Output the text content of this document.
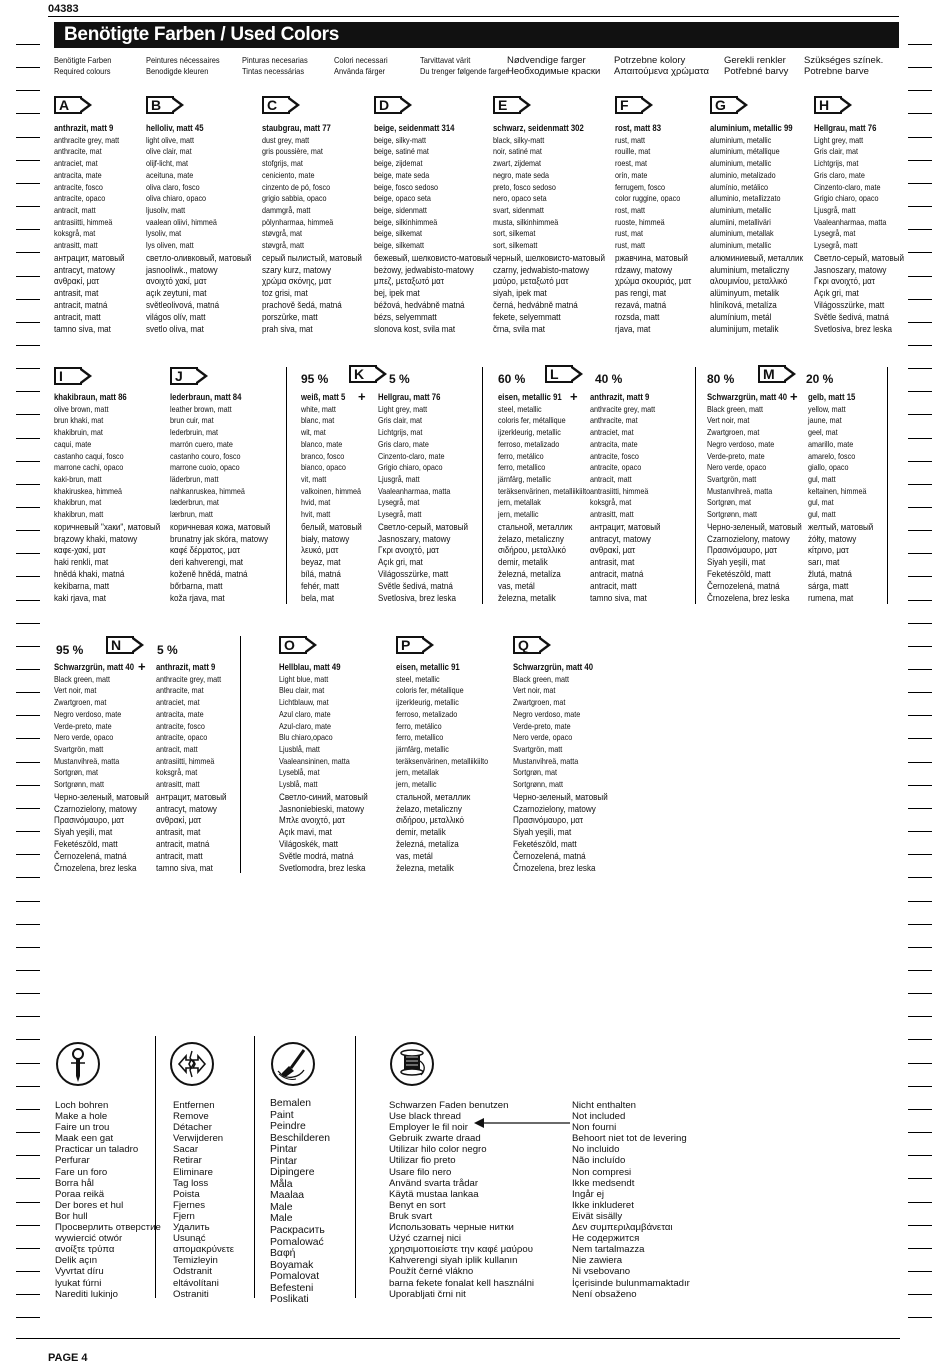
04383
Benötigte Farben / Used Colors
PAGE 4
Benötigte Farben
Required colours
Peintures nécessaires
Benodigde kleuren
Pinturas necesarias
Tintas necessárias
Colori necessari
Använda färger
Tarvittavat värit
Du trenger følgende farger
Nødvendige farger
Необходимые краски
Potrzebne kolory
Απαιτούμενα χρώματα
Gerekli renkler
Potřebné barvy
Szükséges színek.
Potrebne barve
A
anthrazit, matt 9
anthracite grey, matt
anthracite, mat
antraciet, mat
antracita, mate
antracite, fosco
antracite, opaco
antracit, matt
antrasiitti, himmeä
koksgrå, mat
antrasitt, matt
антрацит, матовый
antracyt, matowy
ανθρακί, ματ
antrasit, mat
antracit, matná
antracit, matt
tamno siva, mat
B
helloliv, matt 45
light olive, matt
olive clair, mat
olijf-licht, mat
aceituna, mate
oliva claro, fosco
oliva chiaro, opaco
ljusoliv, matt
vaalean oliivi, himmeä
lysoliv, mat
lys oliven, matt
светло-оливковый, матовый
jasnooliwk., matowy
ανοιχτό χακί, ματ
açık zeytuni, mat
světleolivová, matná
világos olív, matt
svetlo oliva, mat
C
staubgrau, matt 77
dust grey, matt
gris poussière, mat
stofgrijs, mat
ceniciento, mate
cinzento de pó, fosco
grigio sabbia, opaco
dammgrå, matt
pölynharmaa, himmeä
støvgrå, mat
støvgrå, matt
серый пылистый, матовый
szary kurz, matowy
χρώμα σκόνης, ματ
toz grisi, mat
prachově šedá, matná
porszürke, matt
prah siva, mat
D
beige, seidenmatt 314
beige, silky-matt
beige, satiné mat
beige, zijdemat
beige, mate seda
beige, fosco sedoso
beige, opaco seta
beige, sidenmatt
beige, silkinhimmeä
beige, silkemat
beige, silkematt
бежевый, шелковисто-матовый
beżowy, jedwabisto-matowy
μπεζ, μεταξωτό ματ
bej, ipek mat
béžová, hedvábně matná
bézs, selyemmatt
slonova kost, svila mat
E
schwarz, seidenmatt 302
black, silky-matt
noir, satiné mat
zwart, zijdemat
negro, mate seda
preto, fosco sedoso
nero, opaco seta
svart, sidenmatt
musta, silkinhimmeä
sort, silkemat
sort, silkematt
черный, шелковисто-матовый
czarny, jedwabisto-matowy
μαύρο, μεταξωτό ματ
siyah, ipek mat
černá, hedvábně matná
fekete, selyemmatt
črna, svila mat
F
rost, matt 83
rust, matt
rouille, mat
roest, mat
orín, mate
ferrugem, fosco
color ruggine, opaco
rost, matt
ruoste, himmeä
rust, mat
rust, matt
ржавчина, матовый
rdzawy, matowy
χρώμα σκουριάς, ματ
pas rengi, mat
rezavá, matná
rozsda, matt
rjava, mat
G
aluminium, metallic 99
aluminium, metallic
aluminium, métallique
aluminium, metallic
aluminio, metalizado
alumínio, metálico
alluminio, metallizzato
aluminium, metallic
alumiini, metalliväri
aluminium, metallak
aluminium, metallic
алюминиевый, металлик
aluminium, metaliczny
αλουμινίου, μεταλλικό
alüminyum, metalik
hliníková, metalíza
alumínium, metál
aluminijum, metalik
H
Hellgrau, matt 76
Light grey, matt
Gris clair, mat
Lichtgrijs, mat
Gris claro, mate
Cinzento-claro, mate
Grigio chiaro, opaco
Ljusgrå, matt
Vaaleanharmaa, matta
Lysegrå, mat
Lysegrå, matt
Светло-серый, матовый
Jasnoszary, matowy
Γκρι ανοιχτό, ματ
Açık gri, mat
Világosszürke, matt
Světle šedivá, matná
Svetlosiva, brez leska
I
khakibraun, matt 86
olive brown, matt
brun khaki, mat
khakibruin, mat
caqui, mate
castanho caqui, fosco
marrone cachi, opaco
kaki-brun, matt
khakiruskea, himmeä
khakibrun, mat
khakibrun, matt
коричневый "хаки", матовый
brązowy khaki, matowy
καφε-χακί, ματ
haki renkli, mat
hnědá khaki, matná
kekibarna, matt
kaki rjava, mat
J
lederbraun, matt 84
leather brown, matt
brun cuir, mat
lederbruin, mat
marrón cuero, mate
castanho couro, fosco
marrone cuoio, opaco
läderbrun, matt
nahkanruskea, himmeä
læderbrun, mat
lærbrun, matt
коричневая кожа, матовый
brunatny jak skóra, matowy
καφέ δέρματος, ματ
deri kahverengi, mat
koženě hnědá, matná
bőrbarna, matt
koža rjava, mat
95 %	K	5 %
weiß, matt 5
white, matt
blanc, mat
wit, mat
blanco, mate
branco, fosco
bianco, opaco
vit, matt
valkoinen, himmeä
hvid, mat
hvit, matt
белый, матовый
biały, matowy
λευκό, ματ
beyaz, mat
bílá, matná
fehér, matt
bela, mat
+ Hellgrau, matt 76
Light grey, matt
Gris clair, mat
Lichtgrijs, mat
Gris claro, mate
Cinzento-claro, mate
Grigio chiaro, opaco
Ljusgrå, matt
Vaaleanharmaa, matta
Lysegrå, mat
Lysegrå, matt
Светло-серый, матовый
Jasnoszary, matowy
Γκρι ανοιχτό, ματ
Açık gri, mat
Világosszürke, matt
Světle šedivá, matná
Svetlosiva, brez leska
60 %	L	40 %
eisen, metallic 91
steel, metallic
coloris fer, métallique
ijzerkleurig, metallic
ferroso, metalizado
ferro, metálico
ferro, metallico
järnfärg, metallic
teräksenvärinen, metalliikiilto
jern, metallak
jern, metallic
стальной, металлик
żelazo, metaliczny
σιδήρου, μεταλλικό
demir, metalik
železná, metalíza
vas, metál
železna, metalik
+ anthrazit, matt 9
anthracite grey, matt
anthracite, mat
antraciet, mat
antracita, mate
antracite, fosco
antracite, opaco
antracit, matt
antrasiitti, himmeä
koksgrå, mat
antrasitt, matt
антрацит, матовый
antracyt, matowy
ανθρακί, ματ
antrasit, mat
antracit, matná
antracit, matt
tamno siva, mat
80 %	M	20 %
Schwarzgrün, matt 40
Black green, matt
Vert noir, mat
Zwartgroen, mat
Negro verdoso, mate
Verde-preto, mate
Nero verde, opaco
Svartgrön, matt
Mustanvihreä, matta
Sortgrøn, mat
Sortgrønn, matt
Черно-зеленый, матовый
Czarnozielony, matowy
Πρασινόμαυρο, ματ
Siyah yeşili, mat
Feketészöld, matt
Černozelená, matná
Črnozelena, brez leska
+ gelb, matt 15
yellow, matt
jaune, mat
geel, mat
amarillo, mate
amarelo, fosco
giallo, opaco
gul, matt
keltainen, himmeä
gul, mat
gul, matt
желтый, матовый
żółty, matowy
κίτρινο, ματ
sarı, mat
žlutá, matná
sárga, matt
rumena, mat
95 %	N	5 %
Schwarzgrün, matt 40
Black green, matt
Vert noir, mat
Zwartgroen, mat
Negro verdoso, mate
Verde-preto, mate
Nero verde, opaco
Svartgrön, matt
Mustanvihreä, matta
Sortgrøn, mat
Sortgrønn, matt
Черно-зеленый, матовый
Czarnozielony, matowy
Πρασινόμαυρο, ματ
Siyah yeşili, mat
Feketészöld, matt
Černozelená, matná
Črnozelena, brez leska
+ anthrazit, matt 9
anthracite grey, matt
anthracite, mat
antraciet, mat
antracita, mate
antracite, fosco
antracite, opaco
antracit, matt
antrasiitti, himmeä
koksgrå, mat
antrasitt, matt
антрацит, матовый
antracyt, matowy
ανθρακί, ματ
antrasit, mat
antracit, matná
antracit, matt
tamno siva, mat
O
Hellblau, matt 49
Light blue, matt
Bleu clair, mat
Lichtblauw, mat
Azul claro, mate
Azul-claro, mate
Blu chiaro,opaco
Ljusblå, matt
Vaaleansininen, matta
Lyseblå, mat
Lysblå, matt
Светло-синий, матовый
Jasnoniebieski, matowy
Μπλε ανοιχτό, ματ
Açık mavi, mat
Világoskék, matt
Světle modrá, matná
Svetlomodra, brez leska
P
eisen, metallic 91
steel, metallic
coloris fer, métallique
ijzerkleurig, metallic
ferroso, metalizado
ferro, metálico
ferro, metallico
järnfärg, metallic
teräksenvärinen, metalliikiilto
jern, metallak
jern, metallic
стальной, металлик
żelazo, metaliczny
σιδήρου, μεταλλικό
demir, metalik
železná, metalíza
vas, metál
železna, metalik
Q
Schwarzgrün, matt 40
Black green, matt
Vert noir, mat
Zwartgroen, mat
Negro verdoso, mate
Verde-preto, mate
Nero verde, opaco
Svartgrön, matt
Mustanvihreä, matta
Sortgrøn, mat
Sortgrønn, matt
Черно-зеленый, матовый
Czarnozielony, matowy
Πρασινόμαυρο, ματ
Siyah yeşili, mat
Feketészöld, matt
Černozelená, matná
Črnozelena, brez leska
Loch bohren
Make a hole
Faire un trou
Maak een gat
Practicar un taladro
Perfurar
Fare un foro
Borra hål
Poraa reikä
Der bores et hul
Bor hull
Просверлить отверстие
wywiercić otwór
ανοίξτε τρύπα
Delik açın
Vyvrtat díru
lyukat fúrni
Narediti lukinjo
Entfernen
Remove
Détacher
Verwijderen
Sacar
Retirar
Eliminare
Tag loss
Poista
Fjernes
Fjern
Удалить
Usunąć
απομακρύνετε
Temizleyin
Odstranit
eltávolítani
Ostraniti
Bemalen
Paint
Peindre
Beschilderen
Pintar
Pintar
Dipingere
Måla
Maalaa
Male
Male
Раскрасить
Pomalować
Βαφή
Boyamak
Pomalovat
Befesteni
Poslikati
Schwarzen Faden benutzen
Use black thread
Employer le fil noir
Gebruik zwarte draad
Utilizar hilo color negro
Utilizar fio preto
Usare filo nero
Använd svarta trådar
Käytä mustaa lankaa
Benyt en sort
Bruk svart
Использовать черные нитки
Użyć czarnej nici
χρησιμοποιείστε την καφέ μαύρου
Kahverengi siyah iplik kullanın
Použít černé vlákno
barna fekete fonalat kell használni
Uporabljati črni nit
Nicht enthalten
Not included
Non fourni
Behoort niet tot de levering
No incluido
Não incluído
Non compresi
Ikke medsendt
Ingår ej
Ikke inkluderet
Eivät sisälly
Δεν συμπεριλαμβάνεται
Не содержится
Nem tartalmazza
Nie zawiera
Ni vsebovano
İçerisinde bulunmamaktadır
Není obsaženo
